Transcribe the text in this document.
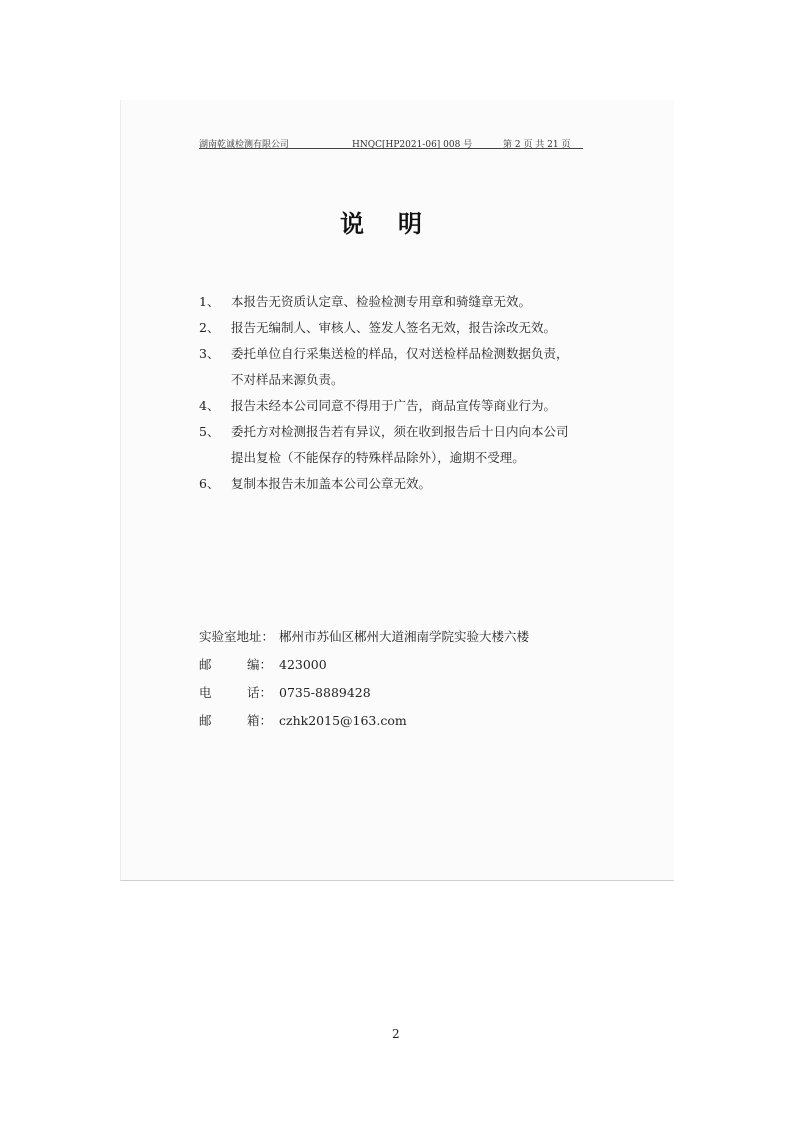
湖南乾诚检测有限公司	HNQC[HP2021-06] 008 号	第 2 页 共 21 页
说明
1、 本报告无资质认定章、检验检测专用章和骑缝章无效。
2、 报告无编制人、审核人、签发人签名无效，报告涂改无效。
3、 委托单位自行采集送检的样品，仅对送检样品检测数据负责，
不对样品来源负责。
4、 报告未经本公司同意不得用于广告，商品宣传等商业行为。
5、 委托方对检测报告若有异议，须在收到报告后十日内向本公司
提出复检（不能保存的特殊样品除外），逾期不受理。
6、 复制本报告未加盖本公司公章无效。
实验室地址： 郴州市苏仙区郴州大道湘南学院实验大楼六楼
邮	编： 423000
电	话： 0735-8889428
邮	箱： czhk2015@163.com
2
